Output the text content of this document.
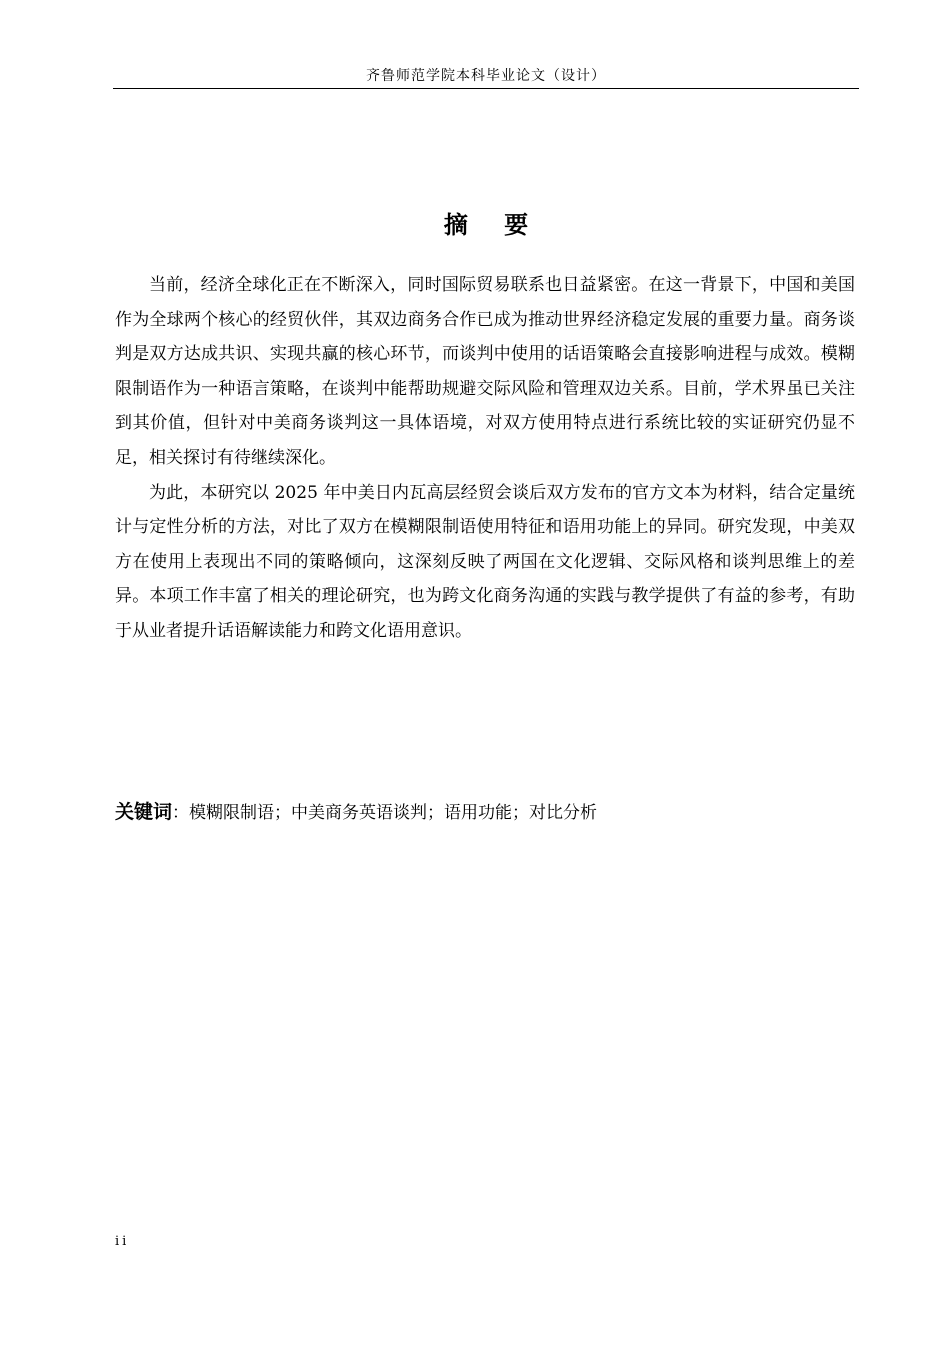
齐鲁师范学院本科毕业论文（设计）
摘 要

当前，经济全球化正在不断深入，同时国际贸易联系也日益紧密。在这一背景下，中国和美国作为全球两个核心的经贸伙伴，其双边商务合作已成为推动世界经济稳定发展的重要力量。商务谈判是双方达成共识、实现共赢的核心环节，而谈判中使用的话语策略会直接影响进程与成效。模糊限制语作为一种语言策略，在谈判中能帮助规避交际风险和管理双边关系。目前，学术界虽已关注到其价值，但针对中美商务谈判这一具体语境，对双方使用特点进行系统比较的实证研究仍显不足，相关探讨有待继续深化。

为此，本研究以 2025 年中美日内瓦高层经贸会谈后双方发布的官方文本为材料，结合定量统计与定性分析的方法，对比了双方在模糊限制语使用特征和语用功能上的异同。研究发现，中美双方在使用上表现出不同的策略倾向，这深刻反映了两国在文化逻辑、交际风格和谈判思维上的差异。本项工作丰富了相关的理论研究，也为跨文化商务沟通的实践与教学提供了有益的参考，有助于从业者提升话语解读能力和跨文化语用意识。

关键词：模糊限制语；中美商务英语谈判；语用功能；对比分析
ii
